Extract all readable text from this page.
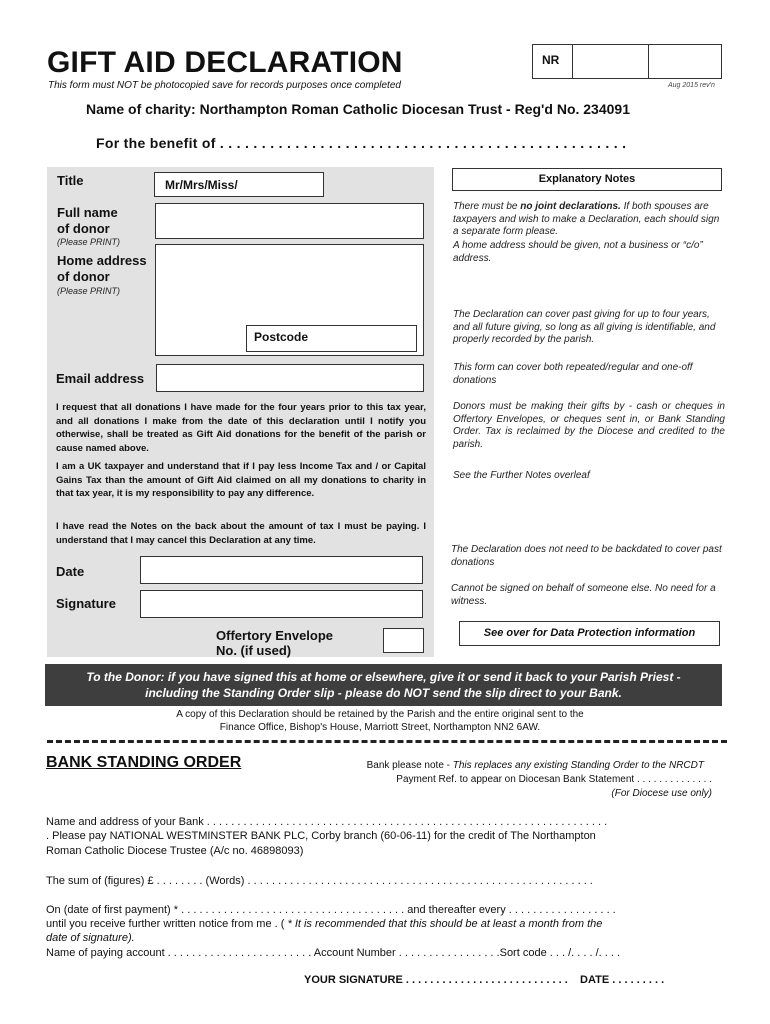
GIFT AID DECLARATION
This form must NOT be photocopied save for records purposes once completed
NR
Aug 2015 rev'n
Name of charity: Northampton Roman Catholic Diocesan Trust - Reg'd No. 234091
For the benefit of . . . . . . . . . . . . . . . . . . . . . . . . . . . . . . . . . . . . . . . . . . . . . . . . .
Title	Mr/Mrs/Miss/
Full name
of donor
(Please PRINT)
Home address
of donor
(Please PRINT)
Postcode
Email address
I request that all donations I have made for the four years prior to this tax year, and all donations I make from the date of this declaration until I notify you otherwise, shall be treated as Gift Aid donations for the benefit of the parish or cause named above.
I am a UK taxpayer and understand that if I pay less Income Tax and / or Capital Gains Tax than the amount of Gift Aid claimed on all my donations to charity in that tax year, it is my responsibility to pay any difference.
I have read the Notes on the back about the amount of tax I must be paying. I understand that I may cancel this Declaration at any time.
Date
Signature
Offertory Envelope
No. (if used)
Explanatory Notes
There must be no joint declarations. If both spouses are taxpayers and wish to make a Declaration, each should sign a separate form please.
A home address should be given, not a business or “c/o” address.
The Declaration can cover past giving for up to four years, and all future giving, so long as all giving is identifiable, and properly recorded by the parish.
This form can cover both repeated/regular and one-off donations
Donors must be making their gifts by - cash or cheques in Offertory Envelopes, or cheques sent in, or Bank Standing Order. Tax is reclaimed by the Diocese and credited to the parish.
See the Further Notes overleaf
The Declaration does not need to be backdated to cover past donations
Cannot be signed on behalf of someone else. No need for a witness.
See over for Data Protection information
To the Donor: if you have signed this at home or elsewhere, give it or send it back to your Parish Priest -
including the Standing Order slip - please do NOT send the slip direct to your Bank.
A copy of this Declaration should be retained by the Parish and the entire original sent to the
Finance Office, Bishop's House, Marriott Street, Northampton NN2 6AW.
BANK STANDING ORDER	Bank please note - This replaces any existing Standing Order to the NRCDT
Payment Ref. to appear on Diocesan Bank Statement . . . . . . . . . . . . . .
(For Diocese use only)
Name and address of your Bank . . . . . . . . . . . . . . . . . . . . . . . . . . . . . . . . . . . . . . . . . . . . . . . . . . . . . . . . . . . . . . . . . .
. Please pay NATIONAL WESTMINSTER BANK PLC, Corby branch (60-06-11) for the credit of The Northampton
Roman Catholic Diocese Trustee (A/c no. 46898093)
The sum of (figures) £ . . . . . . . . (Words) . . . . . . . . . . . . . . . . . . . . . . . . . . . . . . . . . . . . . . . . . . . . . . . . . . . . . . . . .
On (date of first payment) * . . . . . . . . . . . . . . . . . . . . . . . . . . . . . . . . . . . . . and thereafter every . . . . . . . . . . . . . . . . . .
until you receive further written notice from me . ( * It is recommended that this should be at least a month from the
date of signature).
Name of paying account . . . . . . . . . . . . . . . . . . . . . . . . Account Number . . . . . . . . . . . . . . . . .Sort code . . . /. . . . /. . . .
YOUR SIGNATURE . . . . . . . . . . . . . . . . . . . . . . . . . . .    DATE . . . . . . . . .
